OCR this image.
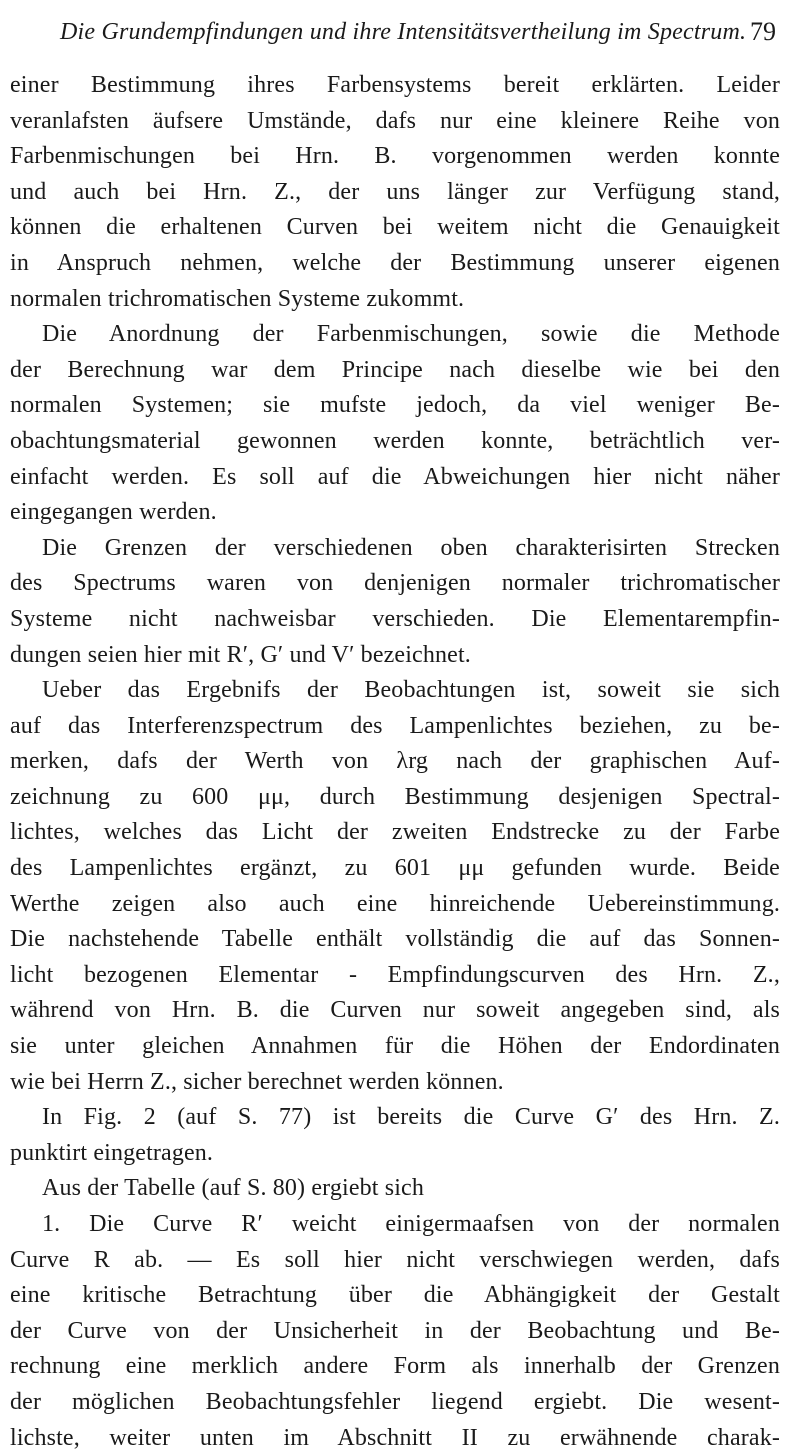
Die Grundempfindungen und ihre Intensitätsvertheilung im Spectrum. 79
einer Bestimmung ihres Farbensystems bereit erklärten. Leider
veranlafsten äufsere Umstände, dafs nur eine kleinere Reihe von
Farbenmischungen bei Hrn. B. vorgenommen werden konnte
und auch bei Hrn. Z., der uns länger zur Verfügung stand,
können die erhaltenen Curven bei weitem nicht die Genauigkeit
in Anspruch nehmen, welche der Bestimmung unserer eigenen
normalen trichromatischen Systeme zukommt.
Die Anordnung der Farbenmischungen, sowie die Methode
der Berechnung war dem Principe nach dieselbe wie bei den
normalen Systemen; sie mufste jedoch, da viel weniger Be-
obachtungsmaterial gewonnen werden konnte, beträchtlich ver-
einfacht werden. Es soll auf die Abweichungen hier nicht näher
eingegangen werden.
Die Grenzen der verschiedenen oben charakterisirten Strecken
des Spectrums waren von denjenigen normaler trichromatischer
Systeme nicht nachweisbar verschieden. Die Elementarempfin-
dungen seien hier mit R′, G′ und V′ bezeichnet.
Ueber das Ergebnifs der Beobachtungen ist, soweit sie sich
auf das Interferenzspectrum des Lampenlichtes beziehen, zu be-
merken, dafs der Werth von λrg nach der graphischen Auf-
zeichnung zu 600 μμ, durch Bestimmung desjenigen Spectral-
lichtes, welches das Licht der zweiten Endstrecke zu der Farbe
des Lampenlichtes ergänzt, zu 601 μμ gefunden wurde. Beide
Werthe zeigen also auch eine hinreichende Uebereinstimmung.
Die nachstehende Tabelle enthält vollständig die auf das Sonnen-
licht bezogenen Elementar - Empfindungscurven des Hrn. Z.,
während von Hrn. B. die Curven nur soweit angegeben sind, als
sie unter gleichen Annahmen für die Höhen der Endordinaten
wie bei Herrn Z., sicher berechnet werden können.
In Fig. 2 (auf S. 77) ist bereits die Curve G′ des Hrn. Z.
punktirt eingetragen.
Aus der Tabelle (auf S. 80) ergiebt sich
1. Die Curve R′ weicht einigermaafsen von der normalen
Curve R ab. — Es soll hier nicht verschwiegen werden, dafs
eine kritische Betrachtung über die Abhängigkeit der Gestalt
der Curve von der Unsicherheit in der Beobachtung und Be-
rechnung eine merklich andere Form als innerhalb der Grenzen
der möglichen Beobachtungsfehler liegend ergiebt. Die wesent-
lichste, weiter unten im Abschnitt II zu erwähnende charak-
